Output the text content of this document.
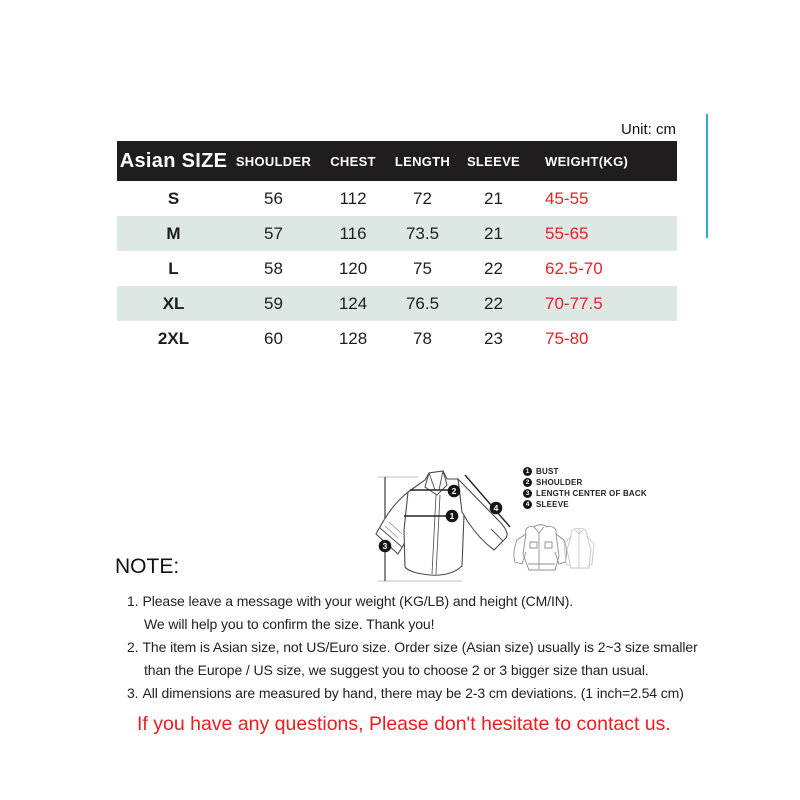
Unit: cm
Asian SIZE	SHOULDER	CHEST	LENGTH	SLEEVE	WEIGHT(KG)
S	56	112	72	21	45-55
M	57	116	73.5	21	55-65
L	58	120	75	22	62.5-70
XL	59	124	76.5	22	70-77.5
2XL	60	128	78	23	75-80
1
2
3
4
1 BUST
2 SHOULDER
3 LENGTH CENTER OF BACK
4 SLEEVE
NOTE:
1. Please leave a message with your weight (KG/LB) and height (CM/IN).
We will help you to confirm the size. Thank you!
2. The item is Asian size, not US/Euro size. Order size (Asian size) usually is 2~3 size smaller
than the Europe / US size, we suggest you to choose 2 or 3 bigger size than usual.
3. All dimensions are measured by hand, there may be 2-3 cm deviations. (1 inch=2.54 cm)
If you have any questions, Please don't hesitate to contact us.
